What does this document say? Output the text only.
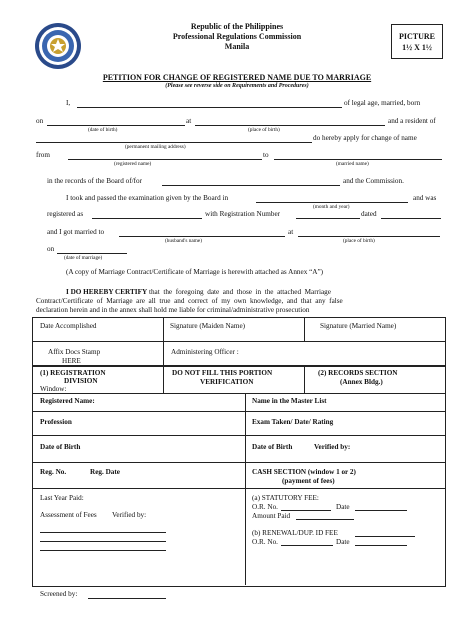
Republic of the Philippines
Professional Regulations Commission
Manila
PICTURE
1½ X 1½
PETITION FOR CHANGE OF REGISTERED NAME DUE TO MARRIAGE
(Please see reverse side on Requirements and Procedures)
I,	of legal age, married, born
on	at	and a resident of
(date of birth)	(place of birth)
do hereby apply for change of name
(permanent mailing address)
from	to
(registered name)	(married name)
in the records of the Board of/for	and the Commission.
I took and passed the examination given by the Board in	and was
(month and year)
registered as	with Registration Number	dated
and I got married to	at
(husband's name)	(place of birth)
on
(date of marriage)
(A copy of Marriage Contract/Certificate of Marriage is herewith attached as Annex “A”)
I DO HEREBY CERTIFY that  the  foregoing  date  and  those  in  the  attached  Marriage
Contract/Certificate  of  Marriage  are  all  true  and  correct  of  my  own  knowledge,  and  that  any  false
declaration herein and in the annex shall hold me liable for criminal/administrative prosecution
Date Accomplished	Signature (Maiden Name)	Signature (Married Name)
Affix Docs Stamp
HERE
Administering Officer :
(1) REGISTRATION
DIVISION
Window:
DO NOT FILL THIS PORTION
VERIFICATION
(2) RECORDS SECTION
(Annex Bldg.)
Registered Name:	Name in the Master List
Profession	Exam Taken/ Date/ Rating
Date of Birth	Date of Birth	Verified by:
Reg. No.	Reg. Date	CASH SECTION (window 1 or 2)
(payment of fees)
Last Year Paid:
Assessment of Fees Verified by:
(a) STATUTORY FEE:
O.R. No.	Date
Amount Paid
(b) RENEWAL/DUP. ID FEE
O.R. No.	Date
Screened by:
